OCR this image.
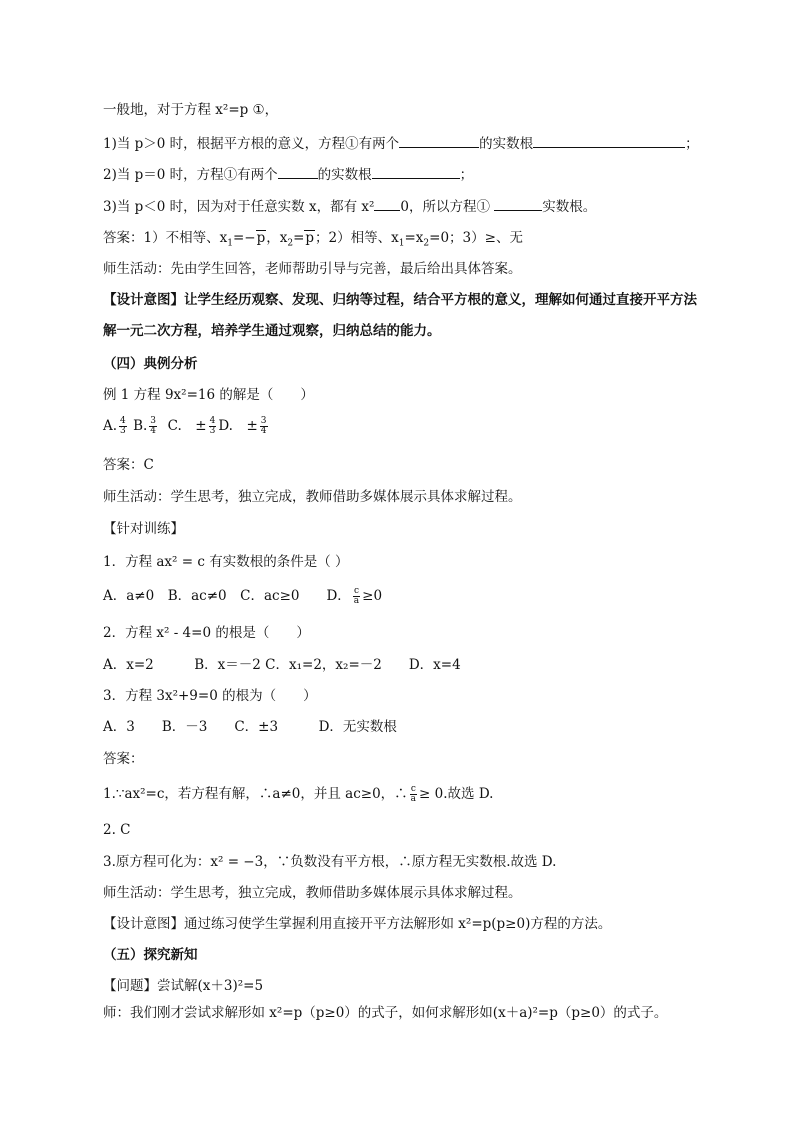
一般地，对于方程 x²=p ①，
1)当 p＞0 时，根据平方根的意义，方程①有两个	的实数根	；
2)当 p＝0 时，方程①有两个	的实数根	；
3)当 p＜0 时，因为对于任意实数 x，都有 x² 0，所以方程①	实数根。
答案：1）不相等、$x_1=-p$，$x_2=p$；2）相等、$x_1=x_2=0$；3）≥、无
师生活动：先由学生回答，老师帮助引导与完善，最后给出具体答案。
【设计意图】让学生经历观察、发现、归纳等过程，结合平方根的意义，理解如何通过直接开平方法
解一元二次方程，培养学生通过观察，归纳总结的能力。
（四）典例分析
例 1 方程 9x²=16 的解是（　　）
A. $\frac{4}{3} B$. $\frac{3}{4} C$.　± $\frac{4}{3} D$.　± $\frac{3}{4}$
答案：C
师生活动：学生思考，独立完成，教师借助多媒体展示具体求解过程。
【针对训练】
1．方程 ax² = c 有实数根的条件是（ ）
A．a≠0　B．ac≠0　C．ac≥0　　D． $\frac{c}{a} \ge 0$
2．方程 x² - 4=0 的根是（　　）
A．x=2　　　B．x＝－2 C．x₁=2，x₂=－2　　D．x=4
3．方程 3x²+9=0 的根为（　　）
A．3　　B．－3　　C．±3　　　D．无实数根
答案：
1.∵ax²=c，若方程有解，∴a≠0，并且 ac≥0，∴ $\frac{c}{a} \ge 0$.故选 D.
2. C
3.原方程可化为：x² = −3，∵负数没有平方根，∴原方程无实数根.故选 D.
师生活动：学生思考，独立完成，教师借助多媒体展示具体求解过程。
【设计意图】通过练习使学生掌握利用直接开平方法解形如 x²=p(p≥0)方程的方法。
（五）探究新知
【问题】尝试解(x＋3)²=5
师：我们刚才尝试求解形如 x²=p（p≥0）的式子，如何求解形如(x＋a)²=p（p≥0）的式子。
